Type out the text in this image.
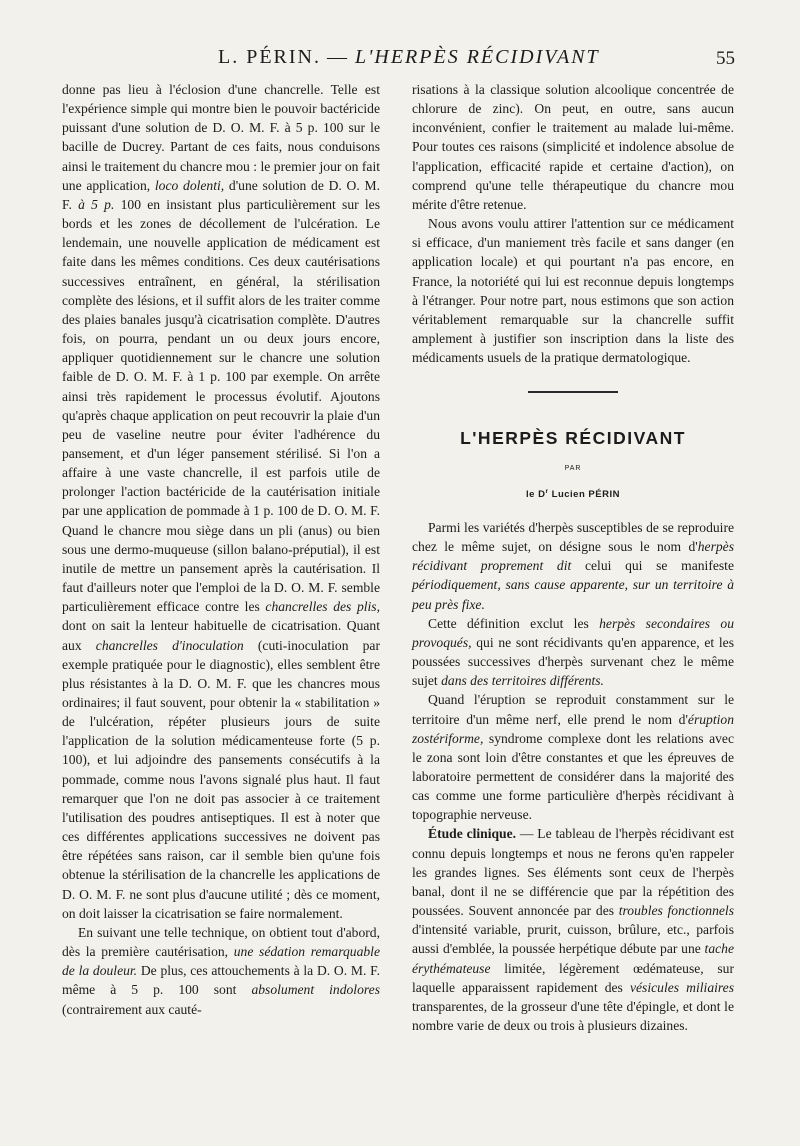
L. PÉRIN. — L'HERPÈS RÉCIDIVANT	55

donne pas lieu à l'éclosion d'une chancrelle. Telle est l'expérience simple qui montre bien le pouvoir bactéricide puissant d'une solution de D. O. M. F. à 5 p. 100 sur le bacille de Ducrey. Partant de ces faits, nous conduisons ainsi le traitement du chancre mou : le premier jour on fait une application, loco dolenti, d'une solution de D. O. M. F. à 5 p. 100 en insistant plus particulièrement sur les bords et les zones de décollement de l'ulcération. Le lendemain, une nouvelle application de médicament est faite dans les mêmes conditions. Ces deux cautérisations successives entraînent, en général, la stérilisation complète des lésions, et il suffit alors de les traiter comme des plaies banales jusqu'à cicatrisation complète. D'autres fois, on pourra, pendant un ou deux jours encore, appliquer quotidiennement sur le chancre une solution faible de D. O. M. F. à 1 p. 100 par exemple. On arrête ainsi très rapidement le processus évolutif. Ajoutons qu'après chaque application on peut recouvrir la plaie d'un peu de vaseline neutre pour éviter l'adhérence du pansement, et d'un léger pansement stérilisé. Si l'on a affaire à une vaste chancrelle, il est parfois utile de prolonger l'action bactéricide de la cautérisation initiale par une application de pommade à 1 p. 100 de D. O. M. F. Quand le chancre mou siège dans un pli (anus) ou bien sous une dermo-muqueuse (sillon balano-préputial), il est inutile de mettre un pansement après la cautérisation. Il faut d'ailleurs noter que l'emploi de la D. O. M. F. semble particulièrement efficace contre les chancrelles des plis, dont on sait la lenteur habituelle de cicatrisation. Quant aux chancrelles d'inoculation (cuti-inoculation par exemple pratiquée pour le diagnostic), elles semblent être plus résistantes à la D. O. M. F. que les chancres mous ordinaires; il faut souvent, pour obtenir la « stabilitation » de l'ulcération, répéter plusieurs jours de suite l'application de la solution médicamenteuse forte (5 p. 100), et lui adjoindre des pansements consécutifs à la pommade, comme nous l'avons signalé plus haut. Il faut remarquer que l'on ne doit pas associer à ce traitement l'utilisation des poudres antiseptiques. Il est à noter que ces différentes applications successives ne doivent pas être répétées sans raison, car il semble bien qu'une fois obtenue la stérilisation de la chancrelle les applications de D. O. M. F. ne sont plus d'aucune utilité ; dès ce moment, on doit laisser la cicatrisation se faire normalement.

En suivant une telle technique, on obtient tout d'abord, dès la première cautérisation, une sédation remarquable de la douleur. De plus, ces attouchements à la D. O. M. F. même à 5 p. 100 sont absolument indolores (contrairement aux cauté-

risations à la classique solution alcoolique concentrée de chlorure de zinc). On peut, en outre, sans aucun inconvénient, confier le traitement au malade lui-même. Pour toutes ces raisons (simplicité et indolence absolue de l'application, efficacité rapide et certaine d'action), on comprend qu'une telle thérapeutique du chancre mou mérite d'être retenue.

Nous avons voulu attirer l'attention sur ce médicament si efficace, d'un maniement très facile et sans danger (en application locale) et qui pourtant n'a pas encore, en France, la notoriété qui lui est reconnue depuis longtemps à l'étranger. Pour notre part, nous estimons que son action véritablement remarquable sur la chancrelle suffit amplement à justifier son inscription dans la liste des médicaments usuels de la pratique dermatologique.

L'HERPÈS RÉCIDIVANT
PAR
le $D^r$ Lucien PÉRIN

Parmi les variétés d'herpès susceptibles de se reproduire chez le même sujet, on désigne sous le nom d'herpès récidivant proprement dit celui qui se manifeste périodiquement, sans cause apparente, sur un territoire à peu près fixe.

Cette définition exclut les herpès secondaires ou provoqués, qui ne sont récidivants qu'en apparence, et les poussées successives d'herpès survenant chez le même sujet dans des territoires différents.

Quand l'éruption se reproduit constamment sur le territoire d'un même nerf, elle prend le nom d'éruption zostériforme, syndrome complexe dont les relations avec le zona sont loin d'être constantes et que les épreuves de laboratoire permettent de considérer dans la majorité des cas comme une forme particulière d'herpès récidivant à topographie nerveuse.

Étude clinique. — Le tableau de l'herpès récidivant est connu depuis longtemps et nous ne ferons qu'en rappeler les grandes lignes. Ses éléments sont ceux de l'herpès banal, dont il ne se différencie que par la répétition des poussées. Souvent annoncée par des troubles fonctionnels d'intensité variable, prurit, cuisson, brûlure, etc., parfois aussi d'emblée, la poussée herpétique débute par une tache érythémateuse limitée, légèrement œdémateuse, sur laquelle apparaissent rapidement des vésicules miliaires transparentes, de la grosseur d'une tête d'épingle, et dont le nombre varie de deux ou trois à plusieurs dizaines.
